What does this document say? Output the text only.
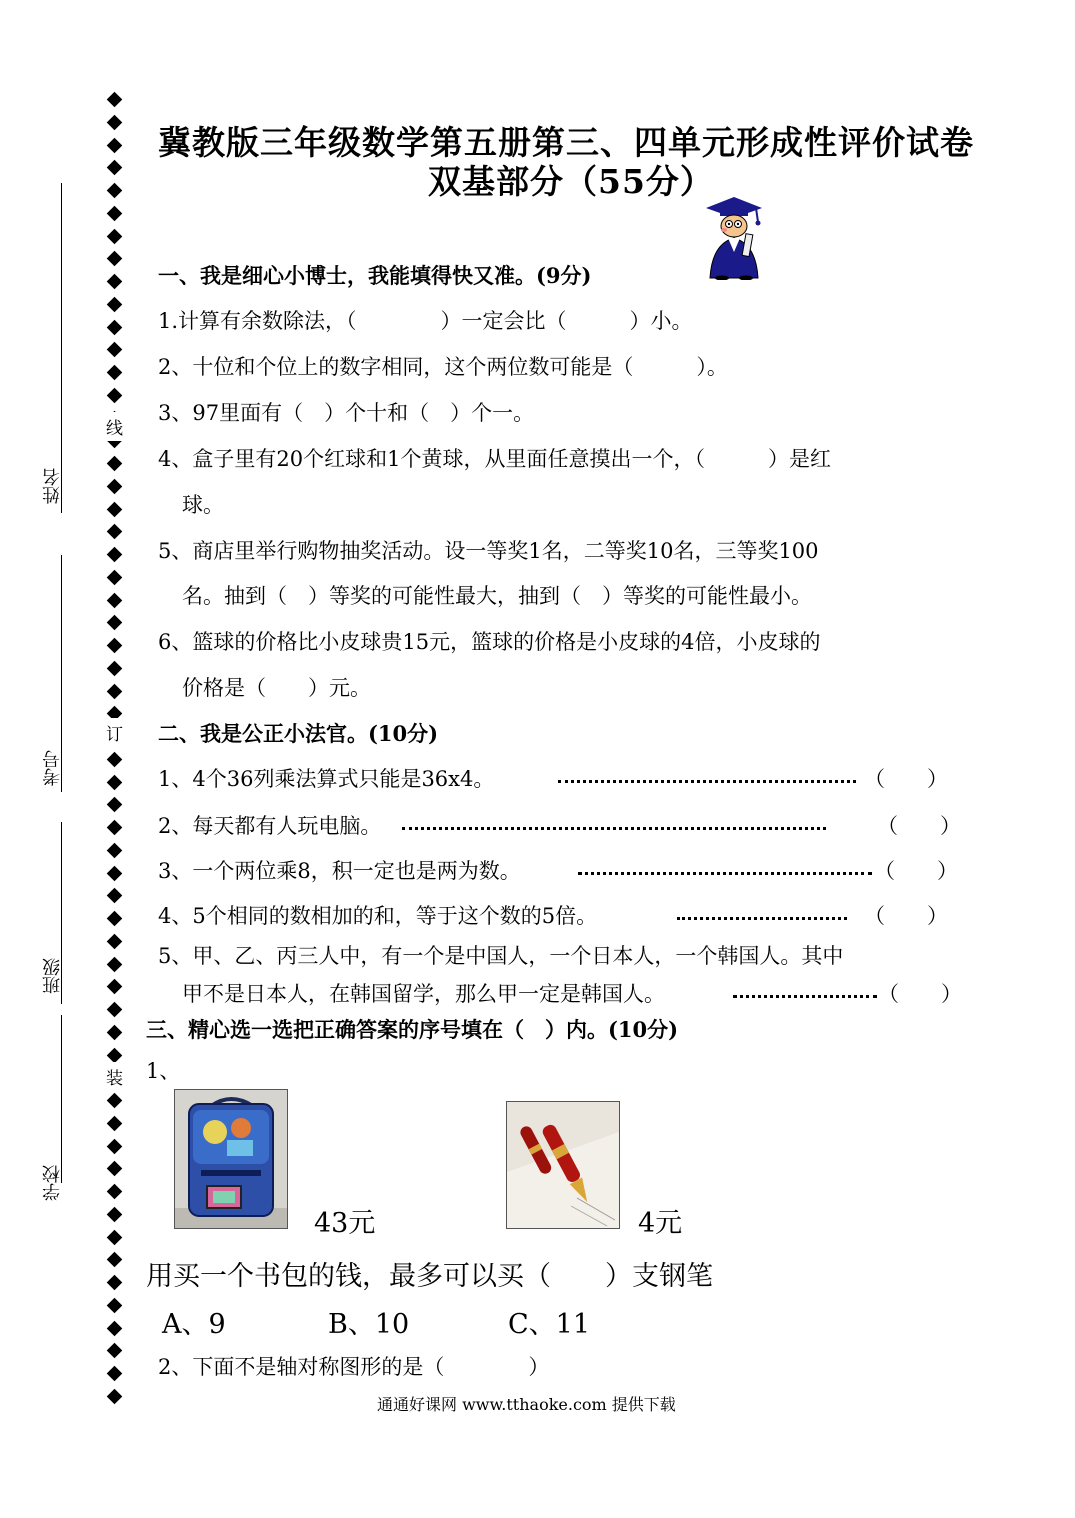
姓名
考号
班级
学校
线
订
装
冀教版三年级数学第五册第三、四单元形成性评价试卷
双基部分（55分）
一、我是细心小博士，我能填得快又准。(9分)
1.计算有余数除法，（　　　　）一定会比（　　　）小。
2、十位和个位上的数字相同，这个两位数可能是（　　　）。
3、97里面有（　）个十和（　）个一。
4、盒子里有20个红球和1个黄球，从里面任意摸出一个，（　　　）是红
球。
5、商店里举行购物抽奖活动。设一等奖1名，二等奖10名，三等奖100
名。抽到（　）等奖的可能性最大，抽到（　）等奖的可能性最小。
6、篮球的价格比小皮球贵15元，篮球的价格是小皮球的4倍，小皮球的
价格是（　　）元。
二、我是公正小法官。(10分)
1、4个36列乘法算式只能是36x4。	（　　）
2、每天都有人玩电脑。	（　　）
3、一个两位乘8，积一定也是两为数。	（　　）
4、5个相同的数相加的和，等于这个数的5倍。	（　　）
5、甲、乙、丙三人中，有一个是中国人，一个日本人，一个韩国人。其中
甲不是日本人，在韩国留学，那么甲一定是韩国人。	（　　）
三、精心选一选把正确答案的序号填在（　）内。(10分)
1、
43元	4元
用买一个书包的钱，最多可以买（　　）支钢笔
A、9	B、10	C、11
2、下面不是轴对称图形的是（　　　　）
通通好课网 www.tthaoke.com 提供下载
